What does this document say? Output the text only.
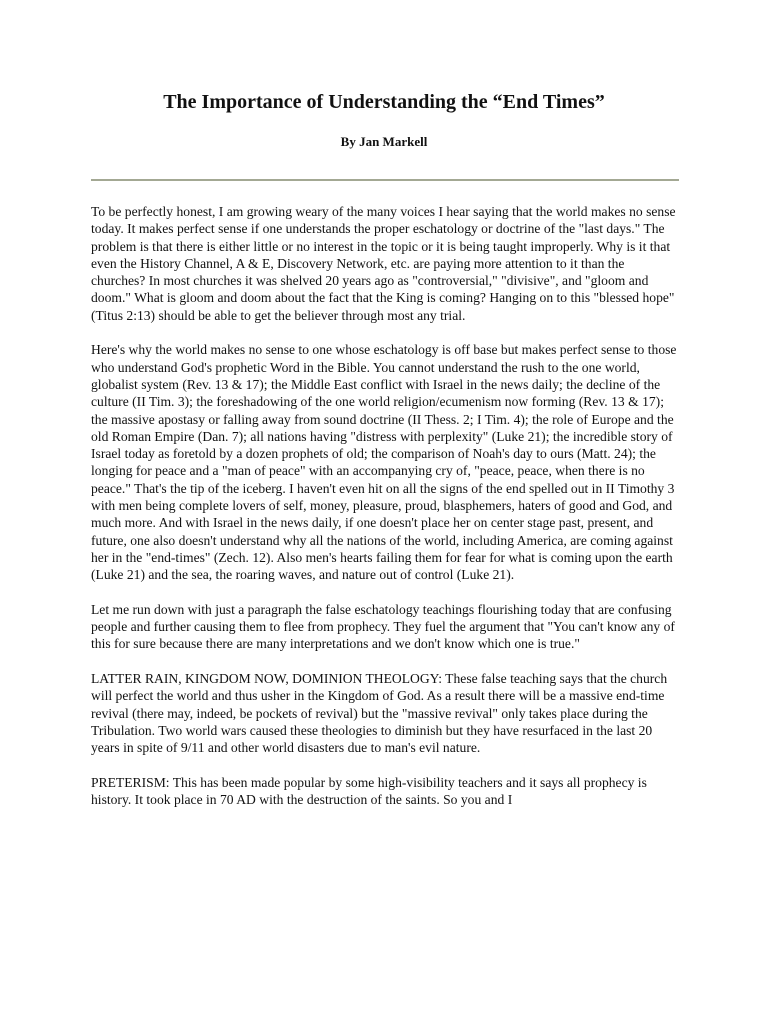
The Importance of Understanding the “End Times”
By Jan Markell

To be perfectly honest, I am growing weary of the many voices I hear saying that the world makes no sense today. It makes perfect sense if one understands the proper eschatology or doctrine of the "last days." The problem is that there is either little or no interest in the topic or it is being taught improperly. Why is it that even the History Channel, A & E, Discovery Network, etc. are paying more attention to it than the churches? In most churches it was shelved 20 years ago as "controversial," "divisive", and "gloom and doom." What is gloom and doom about the fact that the King is coming? Hanging on to this "blessed hope" (Titus 2:13) should be able to get the believer through most any trial.

Here's why the world makes no sense to one whose eschatology is off base but makes perfect sense to those who understand God's prophetic Word in the Bible. You cannot understand the rush to the one world, globalist system (Rev. 13 & 17); the Middle East conflict with Israel in the news daily; the decline of the culture (II Tim. 3); the foreshadowing of the one world religion/ecumenism now forming (Rev. 13 & 17); the massive apostasy or falling away from sound doctrine (II Thess. 2; I Tim. 4); the role of Europe and the old Roman Empire (Dan. 7); all nations having "distress with perplexity" (Luke 21); the incredible story of Israel today as foretold by a dozen prophets of old; the comparison of Noah's day to ours (Matt. 24); the longing for peace and a "man of peace" with an accompanying cry of, "peace, peace, when there is no peace." That's the tip of the iceberg. I haven't even hit on all the signs of the end spelled out in II Timothy 3 with men being complete lovers of self, money, pleasure, proud, blasphemers, haters of good and God, and much more. And with Israel in the news daily, if one doesn't place her on center stage past, present, and future, one also doesn't understand why all the nations of the world, including America, are coming against her in the "end-times" (Zech. 12). Also men's hearts failing them for fear for what is coming upon the earth (Luke 21) and the sea, the roaring waves, and nature out of control (Luke 21).

Let me run down with just a paragraph the false eschatology teachings flourishing today that are confusing people and further causing them to flee from prophecy. They fuel the argument that "You can't know any of this for sure because there are many interpretations and we don't know which one is true."

LATTER RAIN, KINGDOM NOW, DOMINION THEOLOGY: These false teaching says that the church will perfect the world and thus usher in the Kingdom of God. As a result there will be a massive end-time revival (there may, indeed, be pockets of revival) but the "massive revival" only takes place during the Tribulation. Two world wars caused these theologies to diminish but they have resurfaced in the last 20 years in spite of 9/11 and other world disasters due to man's evil nature.

PRETERISM: This has been made popular by some high-visibility teachers and it says all prophecy is history. It took place in 70 AD with the destruction of the saints. So you and I
